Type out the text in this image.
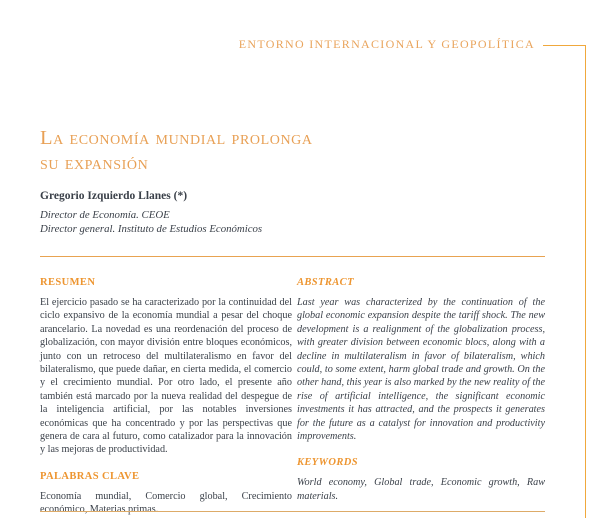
ENTORNO INTERNACIONAL Y GEOPOLÍTICA
La economía mundial prolonga
su expansión
Gregorio Izquierdo Llanes (*)
Director de Economía. CEOE
Director general. Instituto de Estudios Económicos
RESUMEN

El ejercicio pasado se ha caracterizado por la continuidad del ciclo expansivo de la economía mundial a pesar del choque arancelario. La novedad es una reordenación del proceso de globalización, con mayor división entre bloques económicos, junto con un retroceso del multilateralismo en favor del bilateralismo, que puede dañar, en cierta medida, el comercio y el crecimiento mundial. Por otro lado, el presente año también está marcado por la nueva realidad del despegue de la inteligencia artificial, por las notables inversiones económicas que ha concentrado y por las perspectivas que genera de cara al futuro, como catalizador para la innovación y las mejoras de productividad.

PALABRAS CLAVE

Economía mundial, Comercio global, Crecimiento económico, Materias primas.

ABSTRACT

Last year was characterized by the continuation of the global economic expansion despite the tariff shock. The new development is a realignment of the globalization process, with greater division between economic blocs, along with a decline in multilateralism in favor of bilateralism, which could, to some extent, harm global trade and growth. On the other hand, this year is also marked by the new reality of the rise of artificial intelligence, the significant economic investments it has attracted, and the prospects it generates for the future as a catalyst for innovation and productivity improvements.

KEYWORDS

World economy, Global trade, Economic growth, Raw materials.
